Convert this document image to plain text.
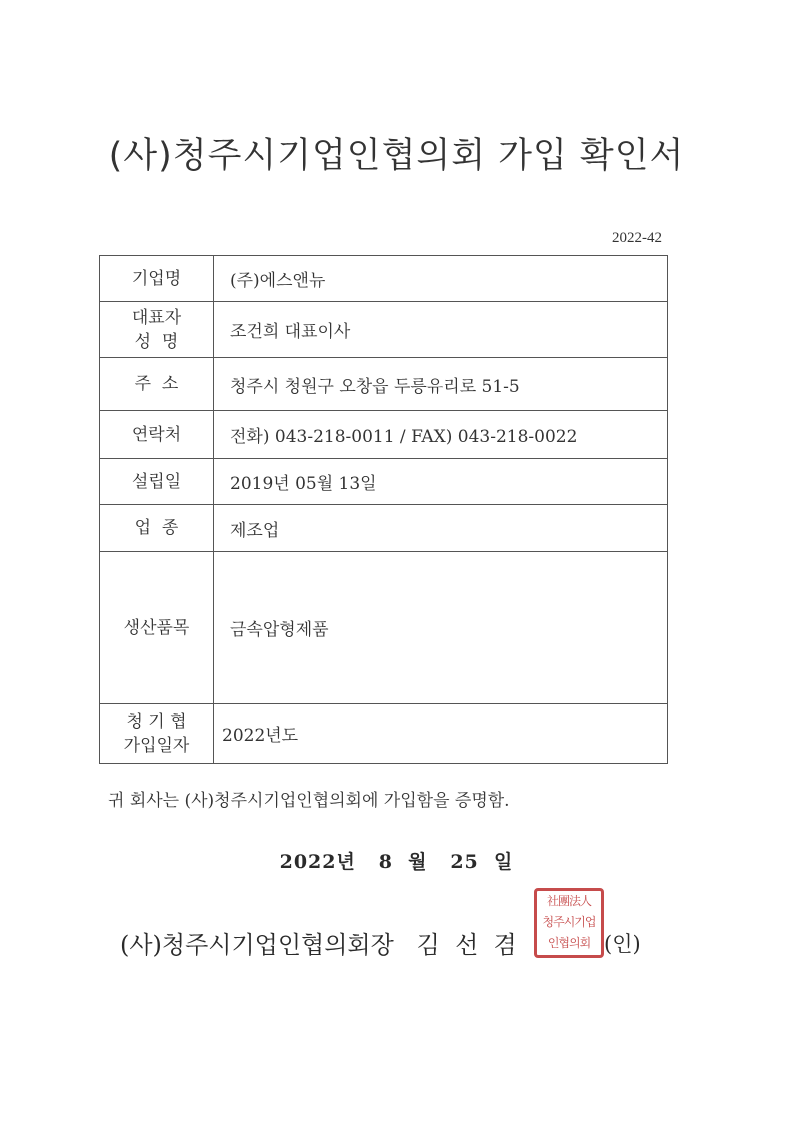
(사)청주시기업인협의회 가입 확인서
2022-42
기업명	(주)에스앤뉴

대표자
성  명	조건희 대표이사

주  소	청주시 청원구 오창읍 두릉유리로 51-5

연락처	전화) 043-218-0011 / FAX) 043-218-0022

설립일	2019년 05월 13일

업  종	제조업

생산품목	금속압형제품

청 기 협
가입일자	2022년도
귀 회사는 (사)청주시기업인협의회에 가입함을 증명함.
2022년   8  월   25  일
(사)청주시기업인협의회장   김  선  겸
社團法人
청주시기업
인협의회 (인)
